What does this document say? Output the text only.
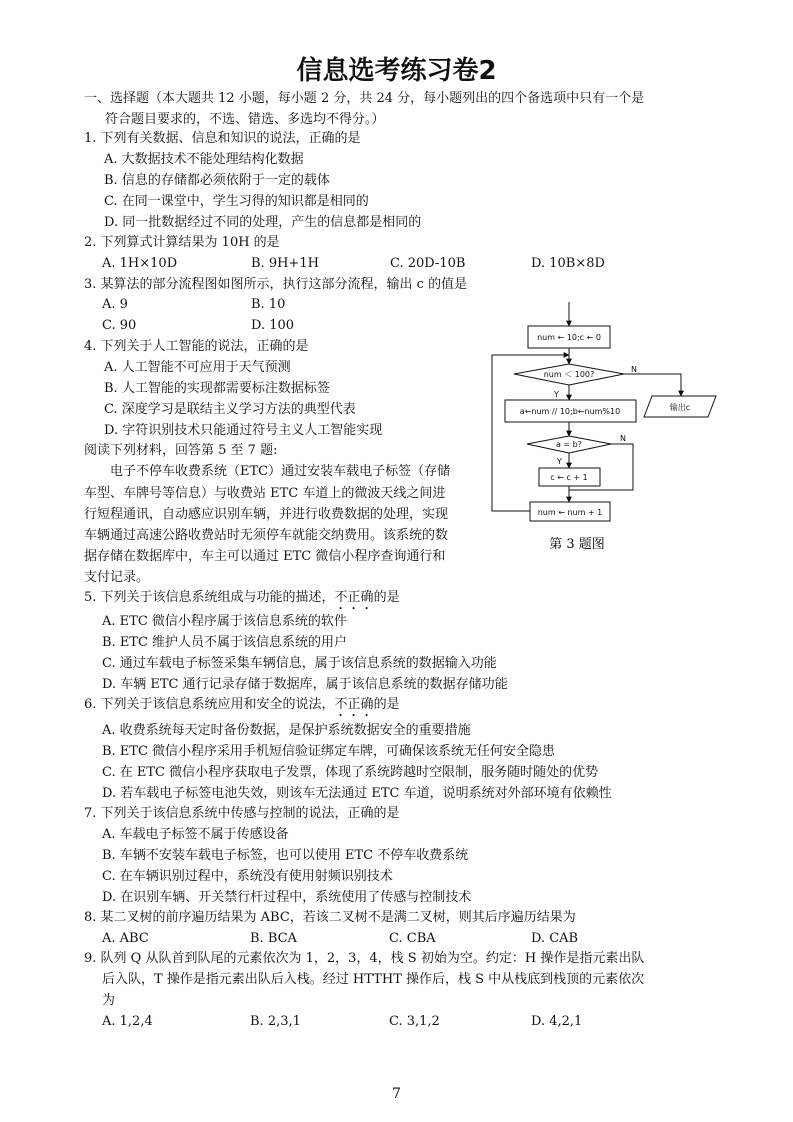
信息选考练习卷2
一、选择题（本大题共 12 小题，每小题 2 分，共 24 分，每小题列出的四个备选项中只有一个是
符合题目要求的，不选、错选、多选均不得分。）
1. 下列有关数据、信息和知识的说法，正确的是
A. 大数据技术不能处理结构化数据
B. 信息的存储都必须依附于一定的载体
C. 在同一课堂中，学生习得的知识都是相同的
D. 同一批数据经过不同的处理，产生的信息都是相同的
2. 下列算式计算结果为 10H 的是
A. 1H×10D	B. 9H+1H	C. 20D-10B	D. 10B×8D
3. 某算法的部分流程图如图所示，执行这部分流程，输出 c 的值是
A. 9	B. 10
C. 90	D. 100
4. 下列关于人工智能的说法，正确的是
A. 人工智能不可应用于天气预测
B. 人工智能的实现都需要标注数据标签
C. 深度学习是联结主义学习方法的典型代表
D. 字符识别技术只能通过符号主义人工智能实现
阅读下列材料，回答第 5 至 7 题:
电子不停车收费系统（ETC）通过安装车载电子标签（存储
车型、车牌号等信息）与收费站 ETC 车道上的微波天线之间进
行短程通讯，自动感应识别车辆，并进行收费数据的处理，实现
车辆通过高速公路收费站时无须停车就能交纳费用。该系统的数
据存储在数据库中，车主可以通过 ETC 微信小程序查询通行和
支付记录。
num ← 10;c ← 0
num ＜ 100?
N
Y
输出c
a←num // 10;b←num%10
a = b?
N
Y
c ← c + 1
num ← num + 1
第 3 题图
5. 下列关于该信息系统组成与功能的描述，不正确的是
A. ETC 微信小程序属于该信息系统的软件
B. ETC 维护人员不属于该信息系统的用户
C. 通过车载电子标签采集车辆信息，属于该信息系统的数据输入功能
D. 车辆 ETC 通行记录存储于数据库，属于该信息系统的数据存储功能
6. 下列关于该信息系统应用和安全的说法，不正确的是
A. 收费系统每天定时备份数据，是保护系统数据安全的重要措施
B. ETC 微信小程序采用手机短信验证绑定车牌，可确保该系统无任何安全隐患
C. 在 ETC 微信小程序获取电子发票，体现了系统跨越时空限制，服务随时随处的优势
D. 若车载电子标签电池失效，则该车无法通过 ETC 车道，说明系统对外部环境有依赖性
7. 下列关于该信息系统中传感与控制的说法，正确的是
A. 车载电子标签不属于传感设备
B. 车辆不安装车载电子标签，也可以使用 ETC 不停车收费系统
C. 在车辆识别过程中，系统没有使用射频识别技术
D. 在识别车辆、开关禁行杆过程中，系统使用了传感与控制技术
8. 某二叉树的前序遍历结果为 ABC，若该二叉树不是满二叉树，则其后序遍历结果为
A. ABC	B. BCA	C. CBA	D. CAB
9. 队列 Q 从队首到队尾的元素依次为 1，2，3，4，栈 S 初始为空。约定：H 操作是指元素出队
后入队，T 操作是指元素出队后入栈。经过 HTTHT 操作后，栈 S 中从栈底到栈顶的元素依次
为
A. 1,2,4	B. 2,3,1	C. 3,1,2	D. 4,2,1
7
